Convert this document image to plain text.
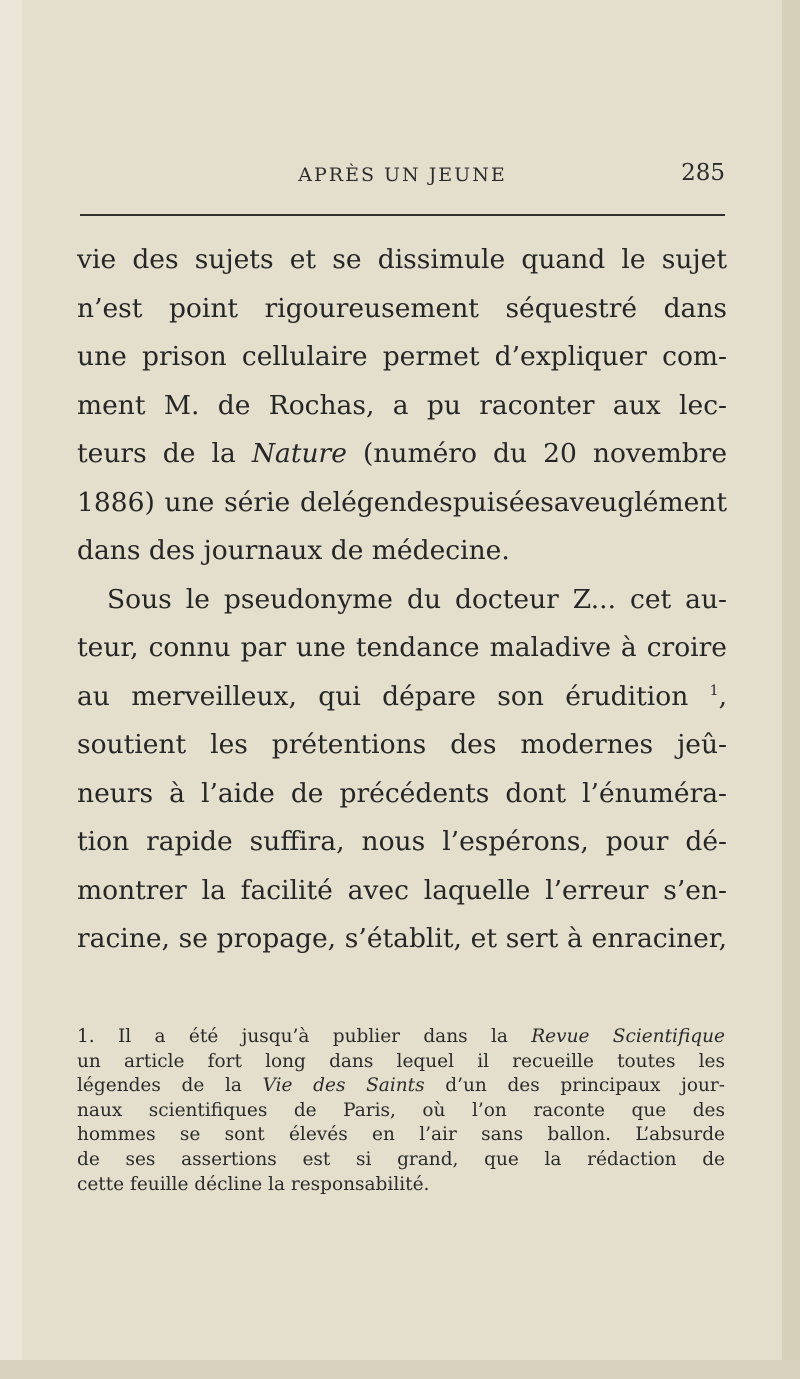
APRÈS UN JEUNE	285
vie des sujets et se dissimule quand le sujet
n’est point rigoureusement séquestré dans
une prison cellulaire permet d’expliquer com-
ment M. de Rochas, a pu raconter aux lec-
teurs de la Nature (numéro du 20 novembre
1886) une série delégendespuiséesaveuglément
dans des journaux de médecine.
Sous le pseudonyme du docteur Z... cet au-
teur, connu par une tendance maladive à croire
au merveilleux, qui dépare son érudition $^1$,
soutient les prétentions des modernes jeû-
neurs à l’aide de précédents dont l’énuméra-
tion rapide suffira, nous l’espérons, pour dé-
montrer la facilité avec laquelle l’erreur s’en-
racine, se propage, s’établit, et sert à enraciner,
1. Il a été jusqu’à publier dans la Revue Scientifique
un article fort long dans lequel il recueille toutes les
légendes de la Vie des Saints d’un des principaux jour-
naux scientifiques de Paris, où l’on raconte que des
hommes se sont élevés en l’air sans ballon. L’absurde
de ses assertions est si grand, que la rédaction de
cette feuille décline la responsabilité.
